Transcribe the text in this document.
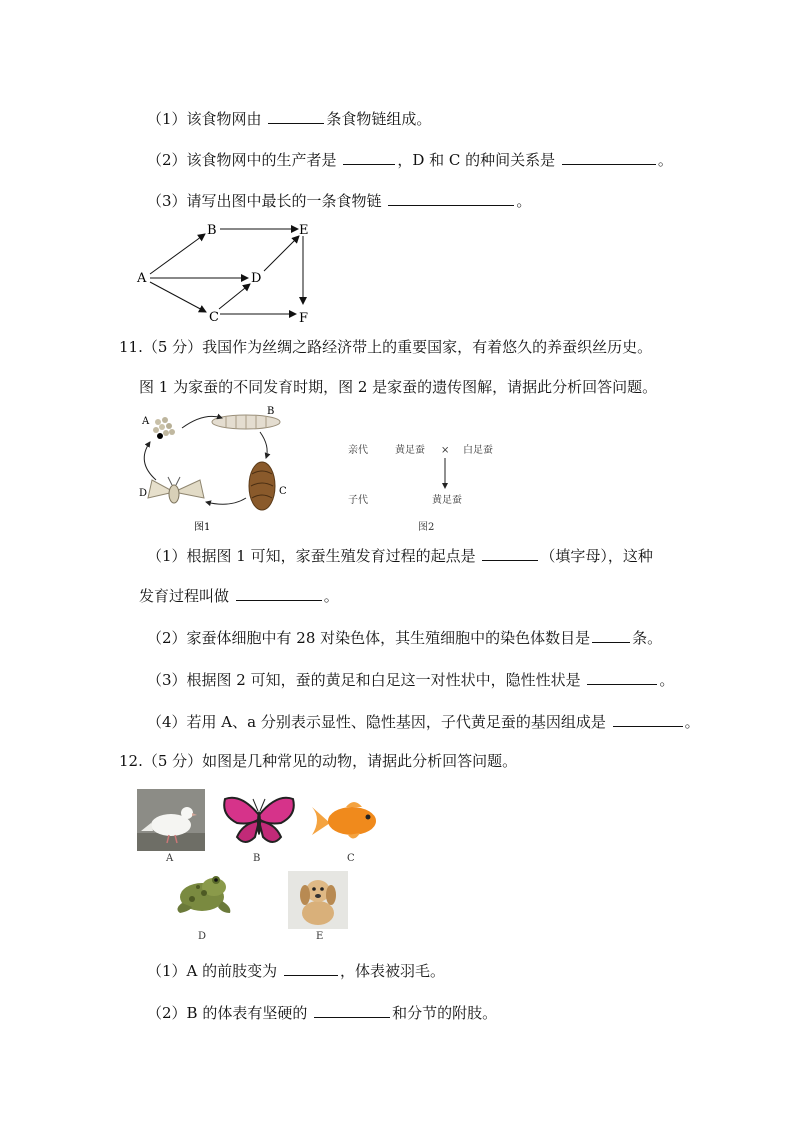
（1）该食物网由	条食物链组成。
（2）该食物网中的生产者是	，D 和 C 的种间关系是	。
（3）请写出图中最长的一条食物链	。
A
B
C
D
E
F
11.（5 分）我国作为丝绸之路经济带上的重要国家，有着悠久的养蚕织丝历史。
图 1 为家蚕的不同发育时期，图 2 是家蚕的遗传图解，请据此分析回答问题。
A
B
C
D
图1
亲代	黄足蚕 × 白足蚕
子代	黄足蚕
图2
（1）根据图 1 可知，家蚕生殖发育过程的起点是	（填字母），这种
发育过程叫做	。
（2）家蚕体细胞中有 28 对染色体，其生殖细胞中的染色体数目是	条。
（3）根据图 2 可知，蚕的黄足和白足这一对性状中，隐性性状是	。
（4）若用 A、a 分别表示显性、隐性基因，子代黄足蚕的基因组成是	。
12.（5 分）如图是几种常见的动物，请据此分析回答问题。
A	B	C
D	E
（1）A 的前肢变为	，体表被羽毛。
（2）B 的体表有坚硬的	和分节的附肢。
